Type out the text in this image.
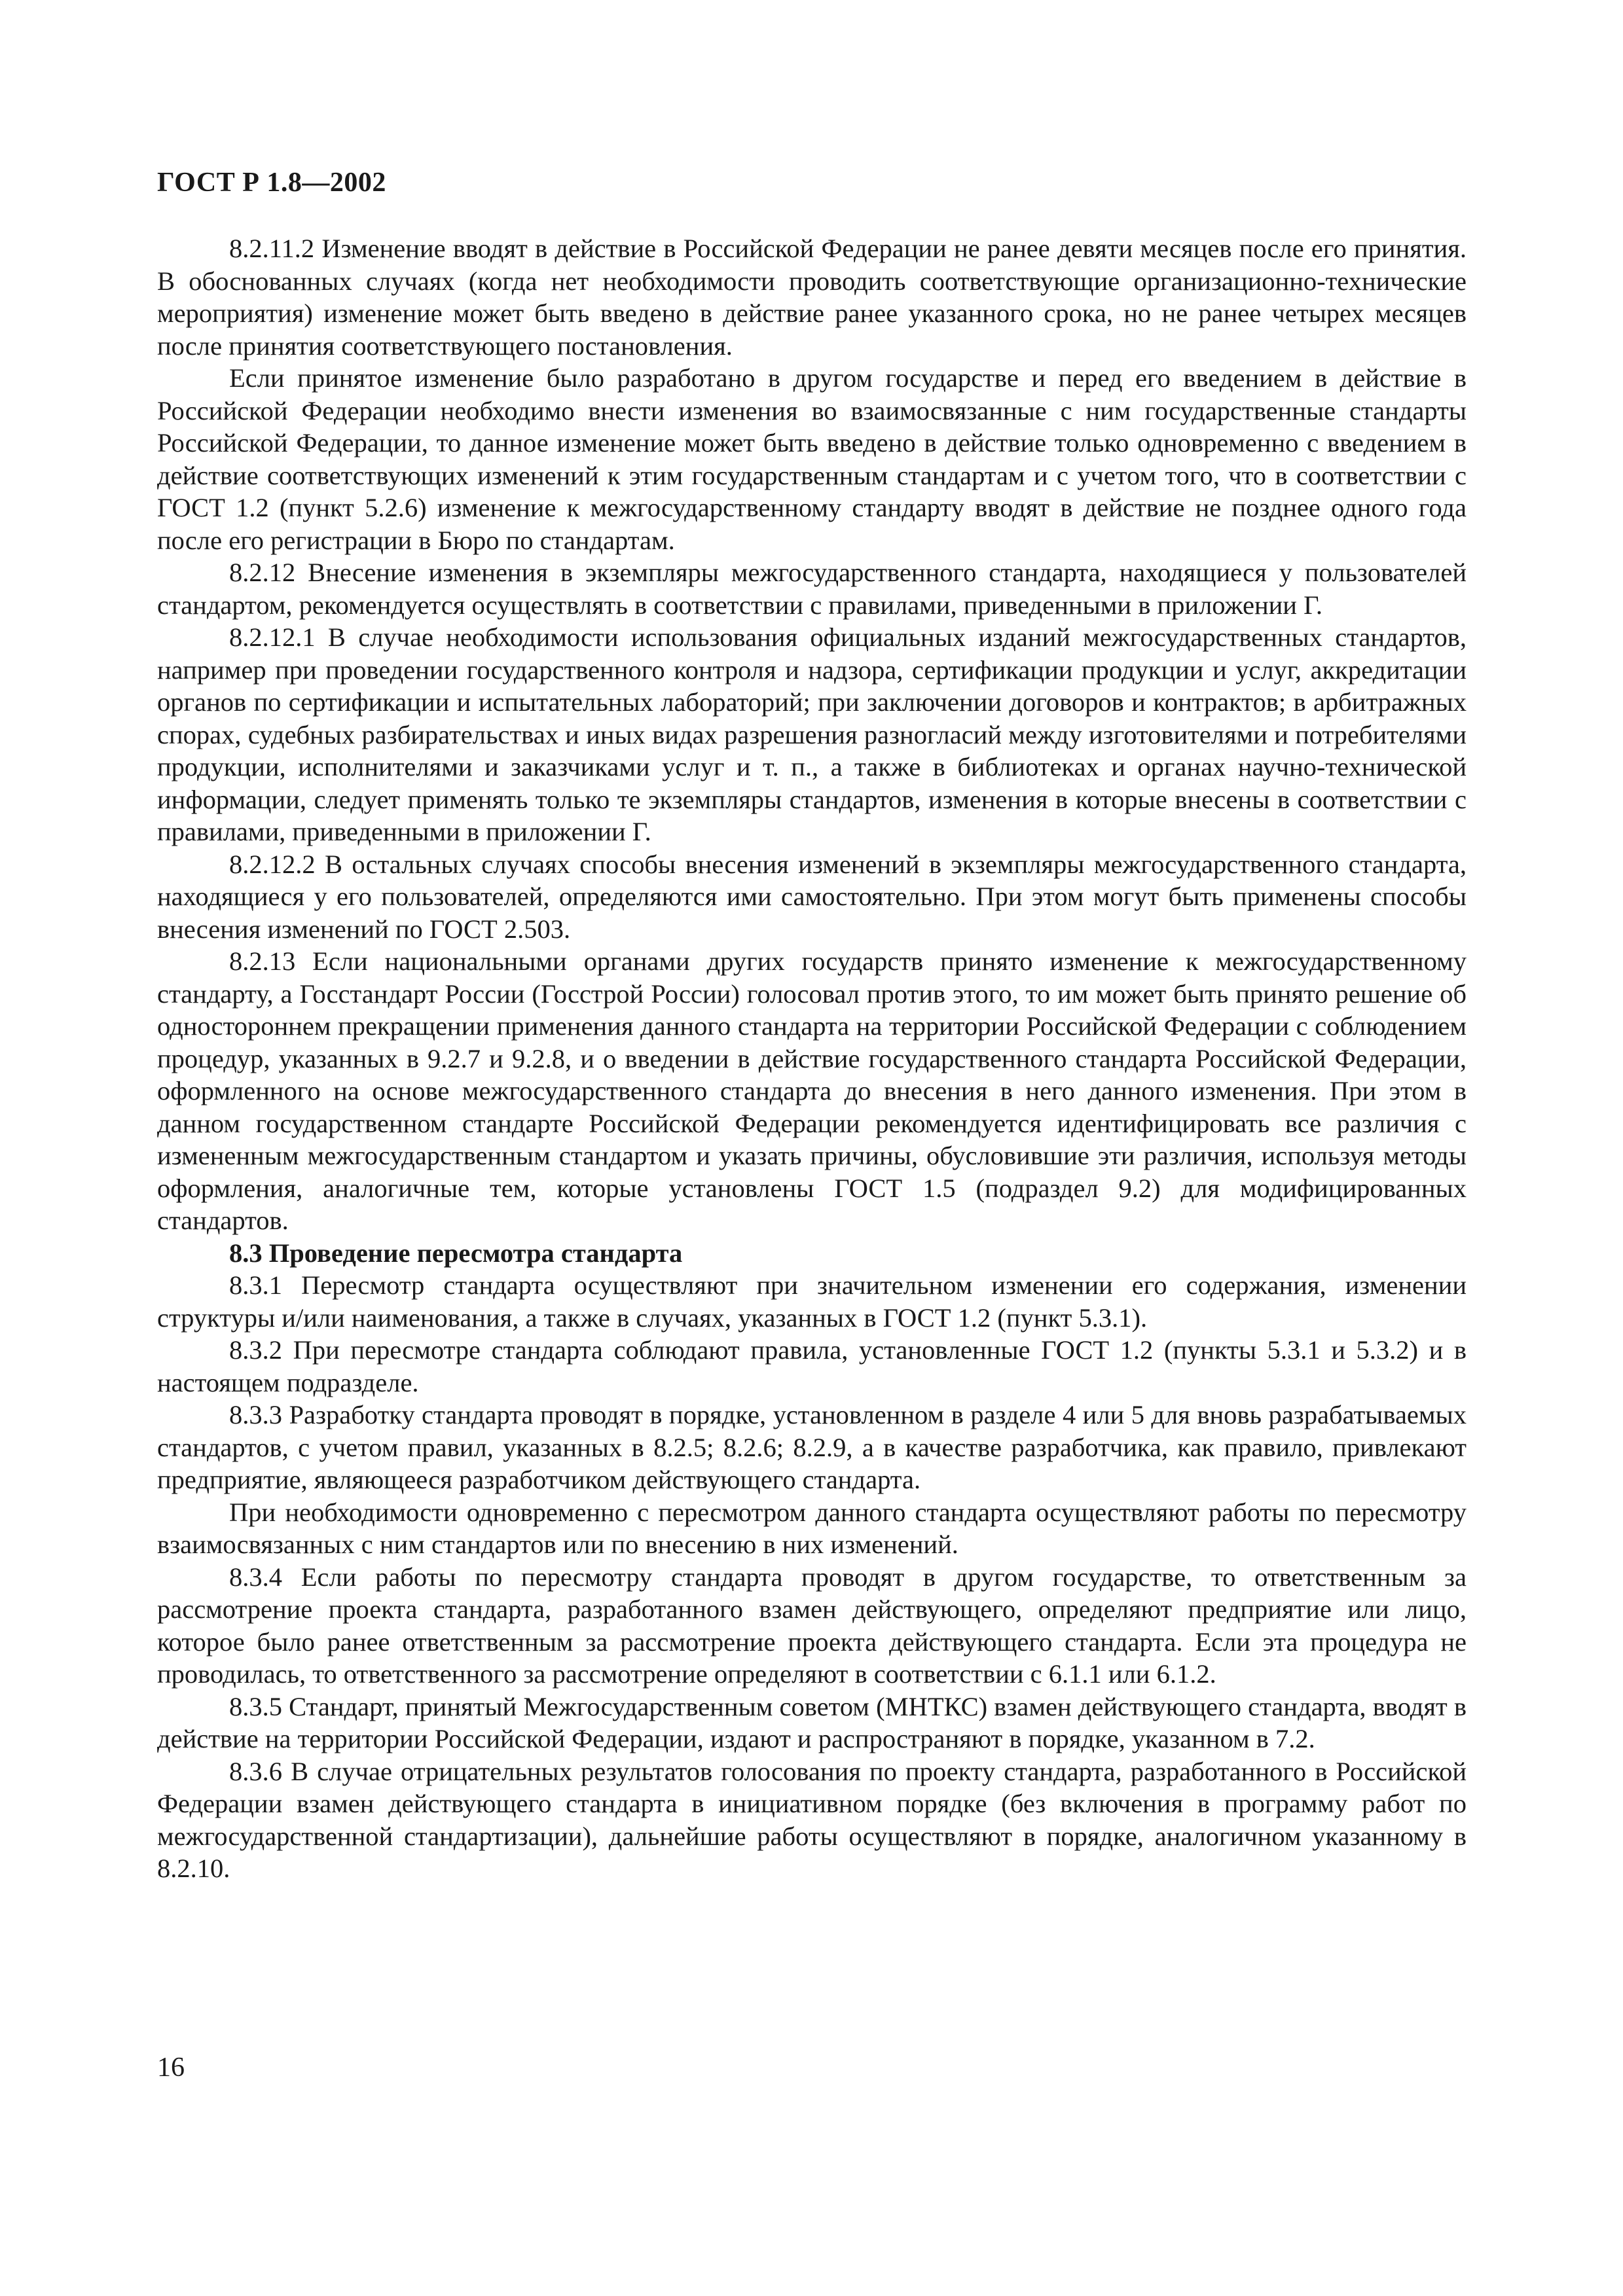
ГОСТ Р 1.8—2002

8.2.11.2 Изменение вводят в действие в Российской Федерации не ранее девяти месяцев после его принятия. В обоснованных случаях (когда нет необходимости проводить соответствующие организационно-технические мероприятия) изменение может быть введено в действие ранее указанного срока, но не ранее четырех месяцев после принятия соответствующего постановления.

Если принятое изменение было разработано в другом государстве и перед его введением в действие в Российской Федерации необходимо внести изменения во взаимосвязанные с ним государственные стандарты Российской Федерации, то данное изменение может быть введено в действие только одновременно с введением в действие соответствующих изменений к этим государственным стандартам и с учетом того, что в соответствии с ГОСТ 1.2 (пункт 5.2.6) изменение к межгосударственному стандарту вводят в действие не позднее одного года после его регистрации в Бюро по стандартам.

8.2.12 Внесение изменения в экземпляры межгосударственного стандарта, находящиеся у пользователей стандартом, рекомендуется осуществлять в соответствии с правилами, приведенными в приложении Г.

8.2.12.1 В случае необходимости использования официальных изданий межгосударственных стандартов, например при проведении государственного контроля и надзора, сертификации продукции и услуг, аккредитации органов по сертификации и испытательных лабораторий; при заключении договоров и контрактов; в арбитражных спорах, судебных разбирательствах и иных видах разрешения разногласий между изготовителями и потребителями продукции, исполнителями и заказчиками услуг и т. п., а также в библиотеках и органах научно-технической информации, следует применять только те экземпляры стандартов, изменения в которые внесены в соответствии с правилами, приведенными в приложении Г.

8.2.12.2 В остальных случаях способы внесения изменений в экземпляры межгосударственного стандарта, находящиеся у его пользователей, определяются ими самостоятельно. При этом могут быть применены способы внесения изменений по ГОСТ 2.503.

8.2.13 Если национальными органами других государств принято изменение к межгосударственному стандарту, а Госстандарт России (Госстрой России) голосовал против этого, то им может быть принято решение об одностороннем прекращении применения данного стандарта на территории Российской Федерации с соблюдением процедур, указанных в 9.2.7 и 9.2.8, и о введении в действие государственного стандарта Российской Федерации, оформленного на основе межгосударственного стандарта до внесения в него данного изменения. При этом в данном государственном стандарте Российской Федерации рекомендуется идентифицировать все различия с измененным межгосударственным стандартом и указать причины, обусловившие эти различия, используя методы оформления, аналогичные тем, которые установлены ГОСТ 1.5 (подраздел 9.2) для модифицированных стандартов.

8.3 Проведение пересмотра стандарта

8.3.1 Пересмотр стандарта осуществляют при значительном изменении его содержания, изменении структуры и/или наименования, а также в случаях, указанных в ГОСТ 1.2 (пункт 5.3.1).

8.3.2 При пересмотре стандарта соблюдают правила, установленные ГОСТ 1.2 (пункты 5.3.1 и 5.3.2) и в настоящем подразделе.

8.3.3 Разработку стандарта проводят в порядке, установленном в разделе 4 или 5 для вновь разрабатываемых стандартов, с учетом правил, указанных в 8.2.5; 8.2.6; 8.2.9, а в качестве разработчика, как правило, привлекают предприятие, являющееся разработчиком действующего стандарта.

При необходимости одновременно с пересмотром данного стандарта осуществляют работы по пересмотру взаимосвязанных с ним стандартов или по внесению в них изменений.

8.3.4 Если работы по пересмотру стандарта проводят в другом государстве, то ответственным за рассмотрение проекта стандарта, разработанного взамен действующего, определяют предприятие или лицо, которое было ранее ответственным за рассмотрение проекта действующего стандарта. Если эта процедура не проводилась, то ответственного за рассмотрение определяют в соответствии с 6.1.1 или 6.1.2.

8.3.5 Стандарт, принятый Межгосударственным советом (МНТКС) взамен действующего стандарта, вводят в действие на территории Российской Федерации, издают и распространяют в порядке, указанном в 7.2.

8.3.6 В случае отрицательных результатов голосования по проекту стандарта, разработанного в Российской Федерации взамен действующего стандарта в инициативном порядке (без включения в программу работ по межгосударственной стандартизации), дальнейшие работы осуществляют в порядке, аналогичном указанному в 8.2.10.

16
